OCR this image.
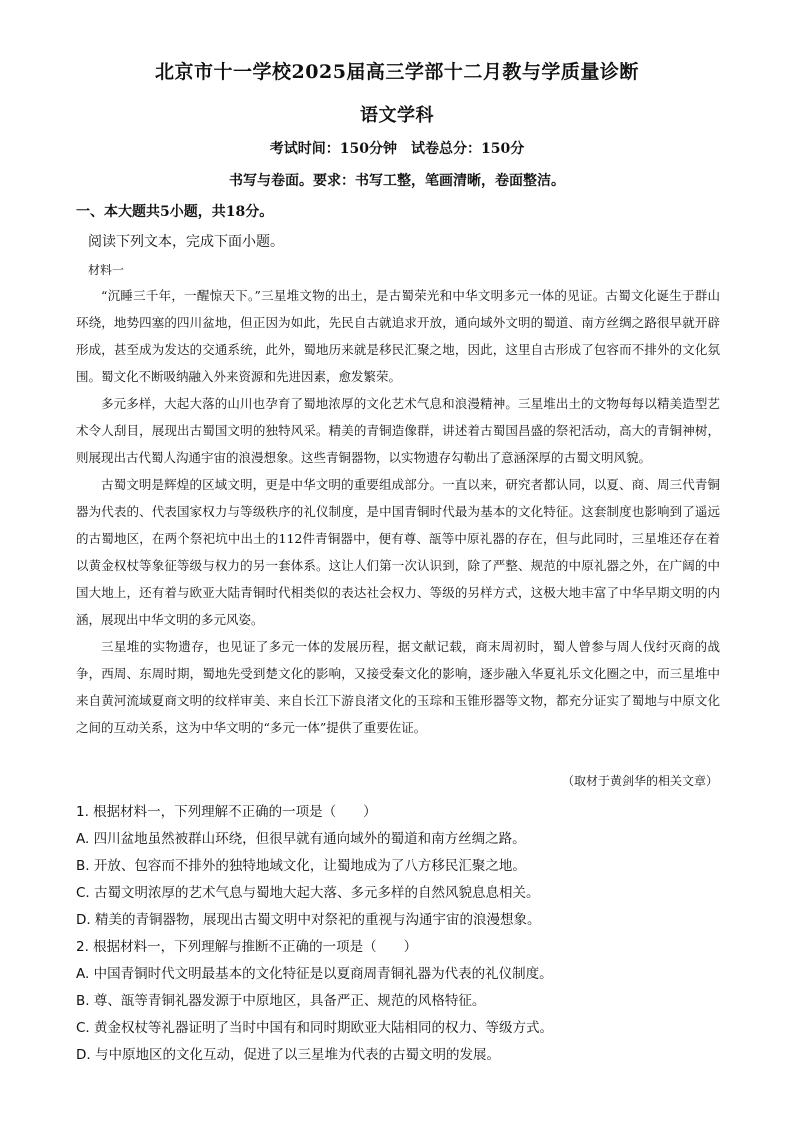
北京市十一学校2025届高三学部十二月教与学质量诊断
语文学科
考试时间：150分钟　试卷总分：150分
书写与卷面。要求：书写工整，笔画清晰，卷面整洁。
一、本大题共5小题，共18分。
阅读下列文本，完成下面小题。
材料一

“沉睡三千年，一醒惊天下。”三星堆文物的出土，是古蜀荣光和中华文明多元一体的见证。古蜀文化诞生于群山环绕，地势四塞的四川盆地，但正因为如此，先民自古就追求开放，通向域外文明的蜀道、南方丝绸之路很早就开辟形成，甚至成为发达的交通系统，此外，蜀地历来就是移民汇聚之地，因此，这里自古形成了包容而不排外的文化氛围。蜀文化不断吸纳融入外来资源和先进因素，愈发繁荣。

多元多样，大起大落的山川也孕育了蜀地浓厚的文化艺术气息和浪漫精神。三星堆出土的文物每每以精美造型艺术令人刮目，展现出古蜀国文明的独特风采。精美的青铜造像群，讲述着古蜀国昌盛的祭祀活动，高大的青铜神树，则展现出古代蜀人沟通宇宙的浪漫想象。这些青铜器物，以实物遗存勾勒出了意涵深厚的古蜀文明风貌。

古蜀文明是辉煌的区域文明，更是中华文明的重要组成部分。一直以来，研究者都认同，以夏、商、周三代青铜器为代表的、代表国家权力与等级秩序的礼仪制度，是中国青铜时代最为基本的文化特征。这套制度也影响到了遥远的古蜀地区，在两个祭祀坑中出土的112件青铜器中，便有尊、瓿等中原礼器的存在，但与此同时，三星堆还存在着以黄金权杖等象征等级与权力的另一套体系。这让人们第一次认识到，除了严整、规范的中原礼器之外，在广阔的中国大地上，还有着与欧亚大陆青铜时代相类似的表达社会权力、等级的另样方式，这极大地丰富了中华早期文明的内涵，展现出中华文明的多元风姿。

三星堆的实物遗存，也见证了多元一体的发展历程，据文献记载，商末周初时，蜀人曾参与周人伐纣灭商的战争，西周、东周时期，蜀地先受到楚文化的影响，又接受秦文化的影响，逐步融入华夏礼乐文化圈之中，而三星堆中来自黄河流域夏商文明的纹样审美、来自长江下游良渚文化的玉琮和玉锥形器等文物，都充分证实了蜀地与中原文化之间的互动关系，这为中华文明的“多元一体”提供了重要佐证。

（取材于黄剑华的相关文章）
1. 根据材料一，下列理解不正确的一项是（　　）
A. 四川盆地虽然被群山环绕，但很早就有通向域外的蜀道和南方丝绸之路。
B. 开放、包容而不排外的独特地域文化，让蜀地成为了八方移民汇聚之地。
C. 古蜀文明浓厚的艺术气息与蜀地大起大落、多元多样的自然风貌息息相关。
D. 精美的青铜器物，展现出古蜀文明中对祭祀的重视与沟通宇宙的浪漫想象。
2. 根据材料一，下列理解与推断不正确的一项是（　　）
A. 中国青铜时代文明最基本的文化特征是以夏商周青铜礼器为代表的礼仪制度。
B. 尊、瓿等青铜礼器发源于中原地区，具备严正、规范的风格特征。
C. 黄金权杖等礼器证明了当时中国有和同时期欧亚大陆相同的权力、等级方式。
D. 与中原地区的文化互动，促进了以三星堆为代表的古蜀文明的发展。
